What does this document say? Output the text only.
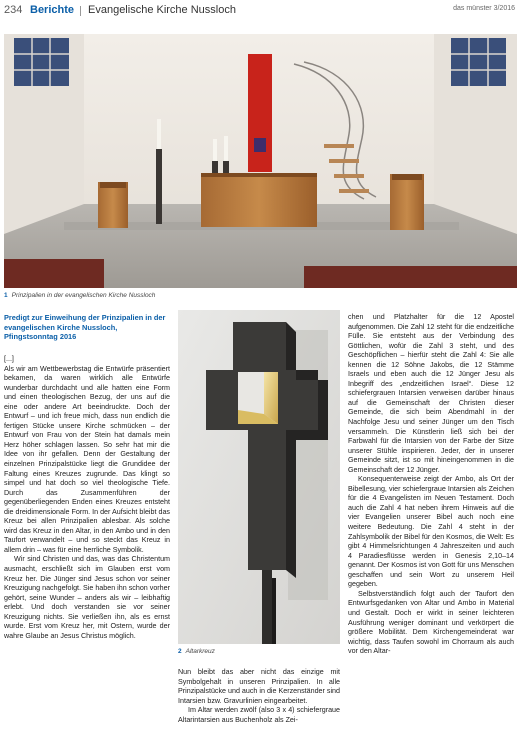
234 Berichte Evangelische Kirche Nussloch	das münster 3/2016
1 Prinzipalien in der evangelischen Kirche Nussloch
Predigt zur Einweihung der Prinzipalien in der evangelischen Kirche Nussloch, Pfingstsonntag 2016

[...]

Als wir am Wettbewerbstag die Entwürfe präsentiert bekamen, da waren wirklich alle Entwürfe wunderbar durchdacht und alle hatten eine Form und einen theologischen Bezug, der uns auf die eine oder andere Art beeindruckte. Doch der Entwurf – und ich freue mich, dass nun endlich die fertigen Stücke unsere Kirche schmücken – der Entwurf von Frau von der Stein hat damals mein Herz höher schlagen lassen. So sehr hat mir die Idee von ihr gefallen. Denn der Gestaltung der einzelnen Prinzipalstücke liegt die Grundidee der Faltung eines Kreuzes zugrunde. Das klingt so simpel und hat doch so viel theologische Tiefe. Durch das Zusammenführen der gegenüberliegenden Enden eines Kreuzes entsteht die dreidimensionale Form. In der Aufsicht bleibt das Kreuz bei allen Prinzipalien ablesbar. Als solche wird das Kreuz in den Altar, in den Ambo und in den Taufort verwandelt – und so steckt das Kreuz in allem drin – was für eine herrliche Symbolik.

Wir sind Christen und das, was das Christentum ausmacht, erschließt sich im Glauben erst vom Kreuz her. Die Jünger sind Jesus schon vor seiner Kreuzigung nachgefolgt. Sie haben ihn schon vorher gehört, seine Wunder – anders als wir – leibhaftig erlebt. Und doch verstanden sie vor seiner Kreuzigung nichts. Sie verließen ihn, als es ernst wurde. Erst vom Kreuz her, mit Ostern, wurde der wahre Glaube an Jesus Christus möglich.

2 Altarkreuz

Nun bleibt das aber nicht das einzige mit Symbolgehalt in unseren Prinzipalien. In alle Prinzipalstücke und auch in die Kerzenständer sind Intarsien bzw. Gravurlinien eingearbeitet.

Im Altar werden zwölf (also 3 x 4) schiefergraue Altarintarsien aus Buchenholz als Zei-

chen und Platzhalter für die 12 Apostel aufgenommen. Die Zahl 12 steht für die endzeitliche Fülle. Sie entsteht aus der Verbindung des Göttlichen, wofür die Zahl 3 steht, und des Geschöpflichen – hierfür steht die Zahl 4: Sie alle kennen die 12 Söhne Jakobs, die 12 Stämme Israels und eben auch die 12 Jünger Jesu als Inbegriff des „endzeitlichen Israel“. Diese 12 schiefergrauen Intarsien verweisen darüber hinaus auf die Gemeinschaft der Christen dieser Gemeinde, die sich beim Abendmahl in der Nachfolge Jesu und seiner Jünger um den Tisch versammeln. Die Künstlerin ließ sich bei der Farbwahl für die Intarsien von der Farbe der Sitze unserer Stühle inspirieren. Jeder, der in unserer Gemeinde sitzt, ist so mit hineingenommen in die Gemeinschaft der 12 Jünger.

Konsequenterweise zeigt der Ambo, als Ort der Bibellesung, vier schiefergraue Intarsien als Zeichen für die 4 Evangelisten im Neuen Testament. Doch auch die Zahl 4 hat neben ihrem Hinweis auf die vier Evangelien unserer Bibel auch noch eine weitere Bedeutung. Die Zahl 4 steht in der Zahlsymbolik der Bibel für den Kosmos, die Welt: Es gibt 4 Himmelsrichtungen 4 Jahreszeiten und auch 4 Paradiesflüsse werden in Genesis 2,10–14 genannt. Der Kosmos ist von Gott für uns Menschen geschaffen und sein Wort zu unserem Heil gegeben.

Selbstverständlich folgt auch der Taufort den Entwurfsgedanken von Altar und Ambo in Material und Gestalt. Doch er wirkt in seiner leichteren Ausführung weniger dominant und verkörpert die größere Mobilität. Dem Kirchengemeinderat war wichtig, dass Taufen sowohl im Chorraum als auch vor den Altar-
